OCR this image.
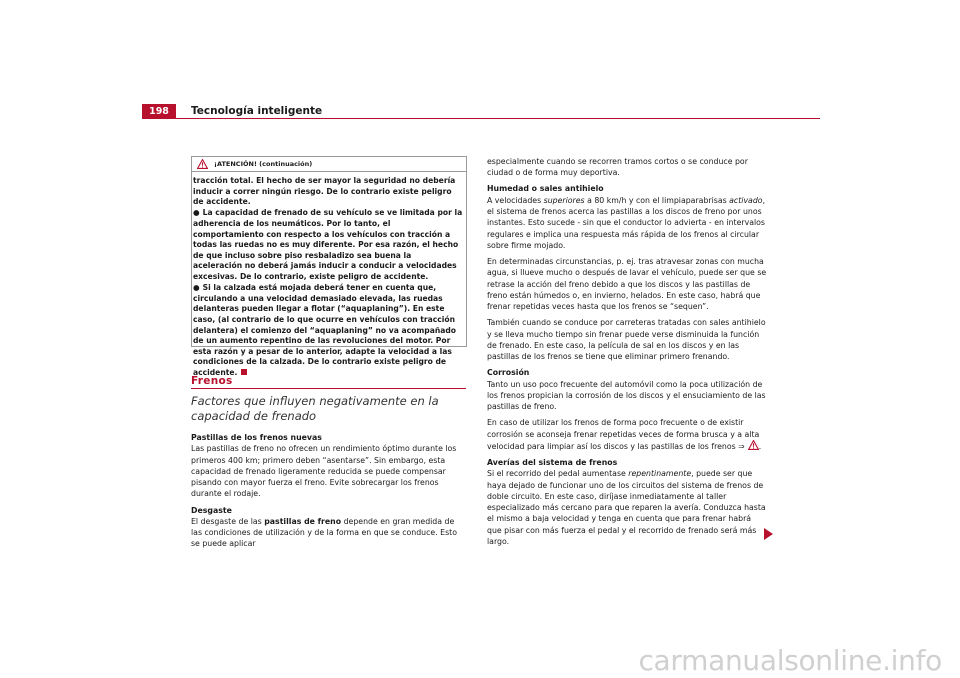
198	Tecnología inteligente
¡ATENCIÓN! (continuación)

tracción total. El hecho de ser mayor la seguridad no debería inducir a correr ningún riesgo. De lo contrario existe peligro de accidente.

● La capacidad de frenado de su vehículo se ve limitada por la adherencia de los neumáticos. Por lo tanto, el comportamiento con respecto a los vehículos con tracción a todas las ruedas no es muy diferente. Por esa razón, el hecho de que incluso sobre piso resbaladizo sea buena la aceleración no deberá jamás inducir a conducir a velocidades excesivas. De lo contrario, existe peligro de accidente.

● Si la calzada está mojada deberá tener en cuenta que, circulando a una velocidad demasiado elevada, las ruedas delanteras pueden llegar a flotar (“aquaplaning”). En este caso, (al contrario de lo que ocurre en vehículos con tracción delantera) el comienzo del “aquaplaning” no va acompañado de un aumento repentino de las revoluciones del motor. Por esta razón y a pesar de lo anterior, adapte la velocidad a las condiciones de la calzada. De lo contrario existe peligro de accidente.

Frenos
Factores que influyen negativamente en la capacidad de frenado
Pastillas de los frenos nuevas

Las pastillas de freno no ofrecen un rendimiento óptimo durante los primeros 400 km; primero deben “asentarse”. Sin embargo, esta capacidad de frenado ligeramente reducida se puede compensar pisando con mayor fuerza el freno. Evite sobrecargar los frenos durante el rodaje.

Desgaste

El desgaste de las pastillas de freno depende en gran medida de las condiciones de utilización y de la forma en que se conduce. Esto se puede aplicar

especialmente cuando se recorren tramos cortos o se conduce por ciudad o de forma muy deportiva.

Humedad o sales antihielo

A velocidades superiores a 80 km/h y con el limpiaparabrisas activado, el sistema de frenos acerca las pastillas a los discos de freno por unos instantes. Esto sucede - sin que el conductor lo advierta - en intervalos regulares e implica una respuesta más rápida de los frenos al circular sobre firme mojado.

En determinadas circunstancias, p. ej. tras atravesar zonas con mucha agua, si llueve mucho o después de lavar el vehículo, puede ser que se retrase la acción del freno debido a que los discos y las pastillas de freno están húmedos o, en invierno, helados. En este caso, habrá que frenar repetidas veces hasta que los frenos se “sequen”.

También cuando se conduce por carreteras tratadas con sales antihielo y se lleva mucho tiempo sin frenar puede verse disminuida la función de frenado. En este caso, la película de sal en los discos y en las pastillas de los frenos se tiene que eliminar primero frenando.

Corrosión

Tanto un uso poco frecuente del automóvil como la poca utilización de los frenos propician la corrosión de los discos y el ensuciamiento de las pastillas de freno.

En caso de utilizar los frenos de forma poco frecuente o de existir corrosión se aconseja frenar repetidas veces de forma brusca y a alta velocidad para limpiar así los discos y las pastillas de los frenos ⇒ .

Averías del sistema de frenos

Si el recorrido del pedal aumentase repentinamente, puede ser que haya dejado de funcionar uno de los circuitos del sistema de frenos de doble circuito. En este caso, diríjase inmediatamente al taller especializado más cercano para que reparen la avería. Conduzca hasta el mismo a baja velocidad y tenga en cuenta que para frenar habrá que pisar con más fuerza el pedal y el recorrido de frenado será más largo.

carmanualsonline.info
